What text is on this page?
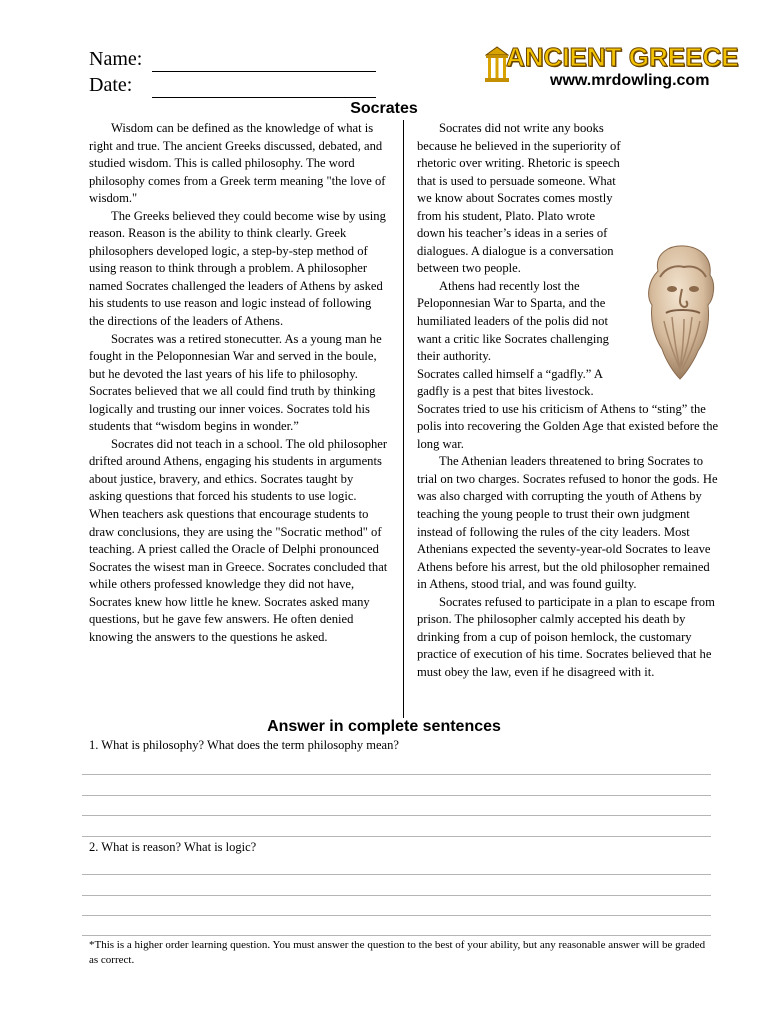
Name:
Date:
ANCIENT GREECE
www.mrdowling.com
Socrates

Wisdom can be defined as the knowledge of what is right and true. The ancient Greeks discussed, debated, and studied wisdom. This is called philosophy. The word philosophy comes from a Greek term meaning "the love of wisdom."

The Greeks believed they could become wise by using reason. Reason is the ability to think clearly. Greek philosophers developed logic, a step-by-step method of using reason to think through a problem. A philosopher named Socrates challenged the leaders of Athens by asked his students to use reason and logic instead of following the directions of the leaders of Athens.

Socrates was a retired stonecutter. As a young man he fought in the Peloponnesian War and served in the boule, but he devoted the last years of his life to philosophy. Socrates believed that we all could find truth by thinking logically and trusting our inner voices. Socrates told his students that “wisdom begins in wonder.”

Socrates did not teach in a school. The old philosopher drifted around Athens, engaging his students in arguments about justice, bravery, and ethics. Socrates taught by asking questions that forced his students to use logic. When teachers ask questions that encourage students to draw conclusions, they are using the "Socratic method" of teaching. A priest called the Oracle of Delphi pronounced Socrates the wisest man in Greece. Socrates concluded that while others professed knowledge they did not have, Socrates knew how little he knew. Socrates asked many questions, but he gave few answers. He often denied knowing the answers to the questions he asked.

Socrates did not write any books because he believed in the superiority of rhetoric over writing. Rhetoric is speech that is used to persuade someone. What we know about Socrates comes mostly from his student, Plato. Plato wrote down his teacher’s ideas in a series of dialogues. A dialogue is a conversation between two people.

Athens had recently lost the Peloponnesian War to Sparta, and the humiliated leaders of the polis did not want a critic like Socrates challenging their authority.

Socrates called himself a “gadfly.” A gadfly is a pest that bites livestock. Socrates tried to use his criticism of Athens to “sting” the polis into recovering the Golden Age that existed before the long war.

The Athenian leaders threatened to bring Socrates to trial on two charges. Socrates refused to honor the gods. He was also charged with corrupting the youth of Athens by teaching the young people to trust their own judgment instead of following the rules of the city leaders. Most Athenians expected the seventy-year-old Socrates to leave Athens before his arrest, but the old philosopher remained in Athens, stood trial, and was found guilty.

Socrates refused to participate in a plan to escape from prison. The philosopher calmly accepted his death by drinking from a cup of poison hemlock, the customary practice of execution of his time. Socrates believed that he must obey the law, even if he disagreed with it.

Answer in complete sentences
1. What is philosophy? What does the term philosophy mean?
2. What is reason? What is logic?
*This is a higher order learning question. You must answer the question to the best of your ability, but any reasonable answer will be graded as correct.
